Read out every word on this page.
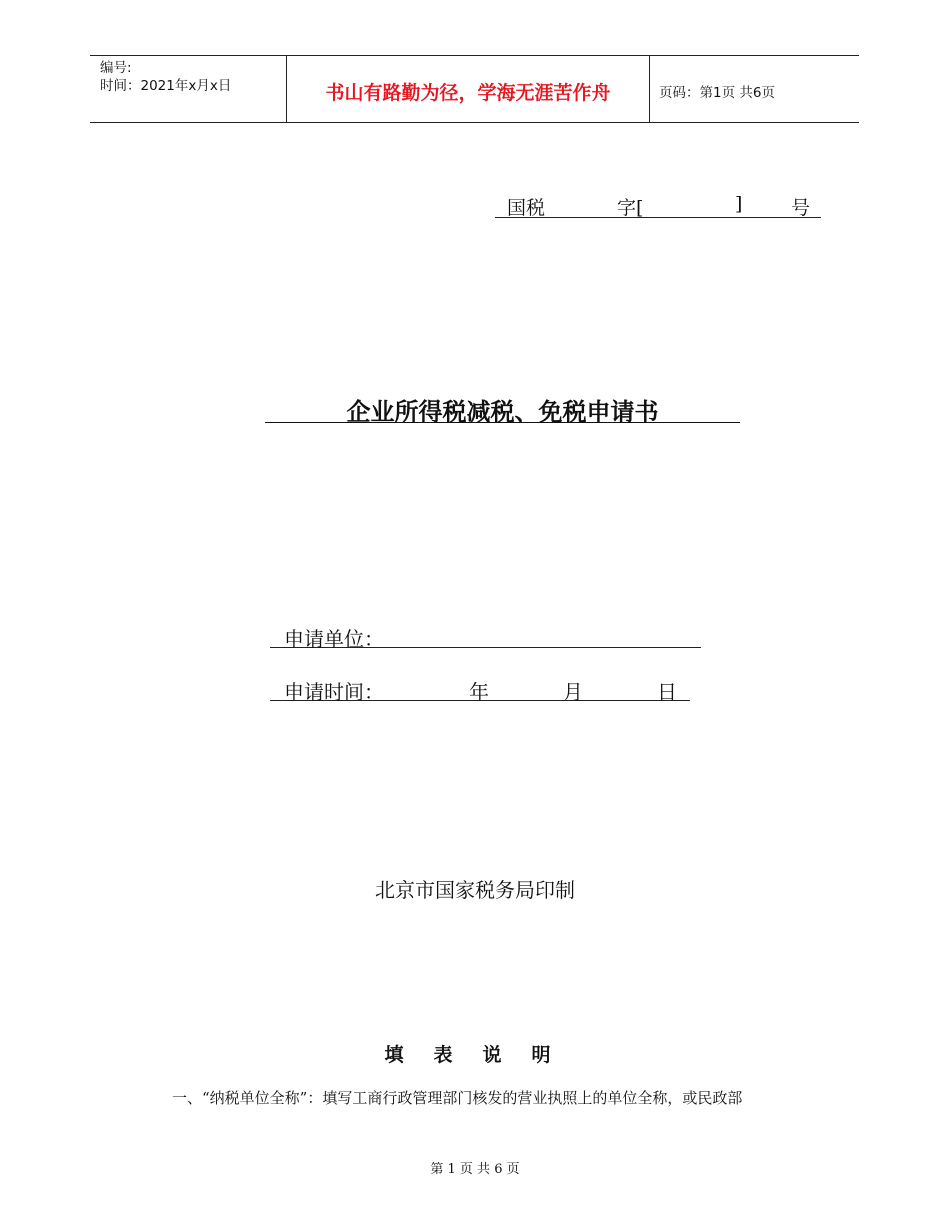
编号:
时间：2021年x月x日	书山有路勤为径，学海无涯苦作舟	页码：第1页 共6页
国税	字[	]	号
企业所得税减税、免税申请书
申请单位：
申请时间：	年	月	日
北京市国家税务局印制
填表说明
一、“纳税单位全称”：填写工商行政管理部门核发的营业执照上的单位全称，或民政部
第 1 页 共 6 页
